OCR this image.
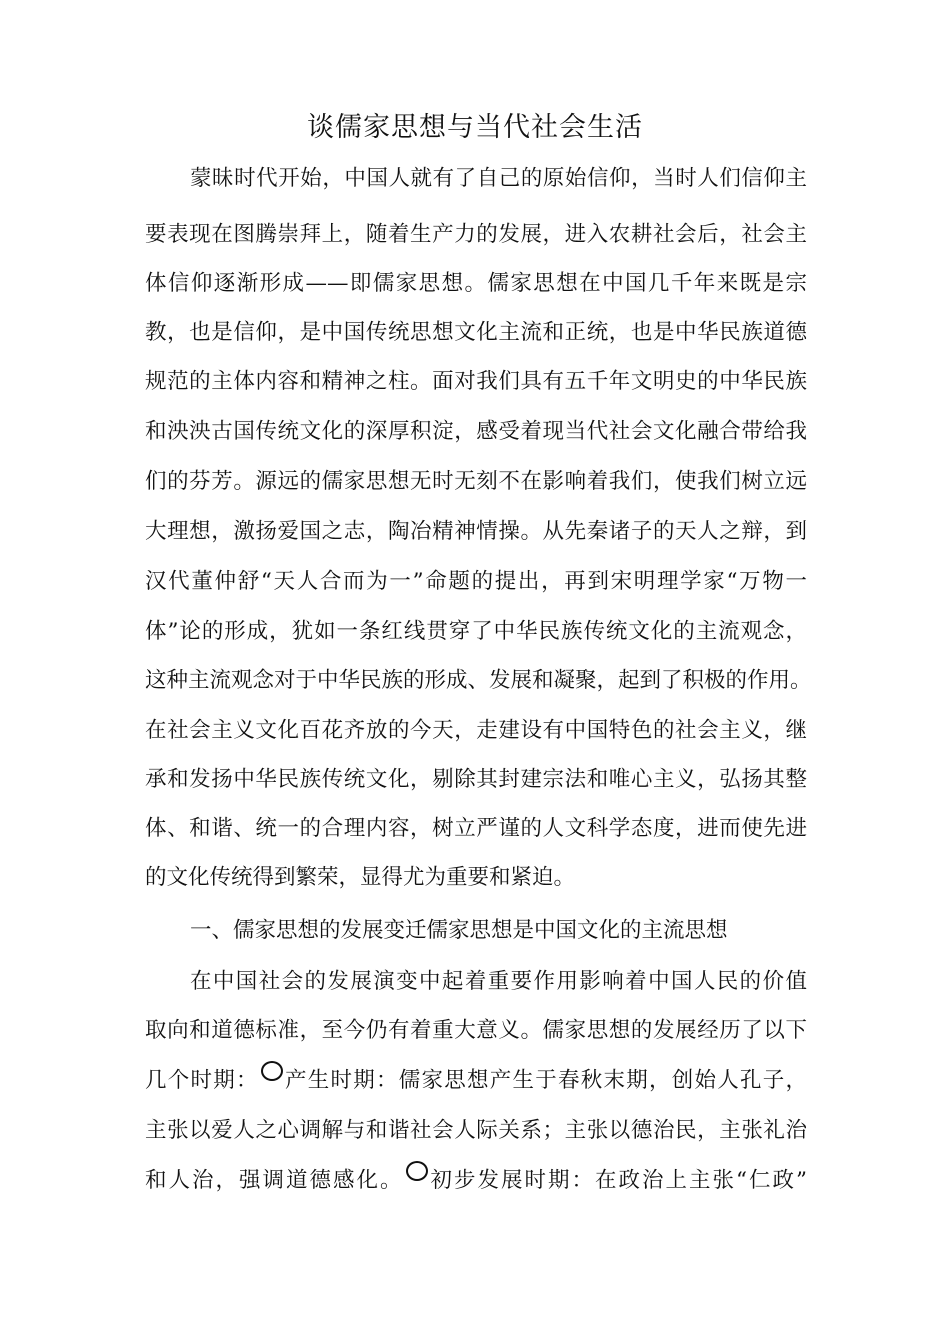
谈儒家思想与当代社会生活
蒙昧时代开始，中国人就有了自己的原始信仰，当时人们信仰主
要表现在图腾崇拜上，随着生产力的发展，进入农耕社会后，社会主
体信仰逐渐形成——即儒家思想。儒家思想在中国几千年来既是宗
教，也是信仰，是中国传统思想文化主流和正统，也是中华民族道德
规范的主体内容和精神之柱。面对我们具有五千年文明史的中华民族
和泱泱古国传统文化的深厚积淀，感受着现当代社会文化融合带给我
们的芬芳。源远的儒家思想无时无刻不在影响着我们，使我们树立远
大理想，激扬爱国之志，陶冶精神情操。从先秦诸子的天人之辩，到
汉代董仲舒“天人合而为一”命题的提出，再到宋明理学家“万物一
体”论的形成，犹如一条红线贯穿了中华民族传统文化的主流观念，
这种主流观念对于中华民族的形成、发展和凝聚，起到了积极的作用。
在社会主义文化百花齐放的今天，走建设有中国特色的社会主义，继
承和发扬中华民族传统文化，剔除其封建宗法和唯心主义，弘扬其整
体、和谐、统一的合理内容，树立严谨的人文科学态度，进而使先进
的文化传统得到繁荣，显得尤为重要和紧迫。
一、儒家思想的发展变迁儒家思想是中国文化的主流思想
在中国社会的发展演变中起着重要作用影响着中国人民的价值
取向和道德标准，至今仍有着重大意义。儒家思想的发展经历了以下
几个时期： 产生时期：儒家思想产生于春秋末期，创始人孔子，
主张以爱人之心调解与和谐社会人际关系；主张以德治民，主张礼治
和人治，强调道德感化。 初步发展时期：在政治上主张“仁政”
